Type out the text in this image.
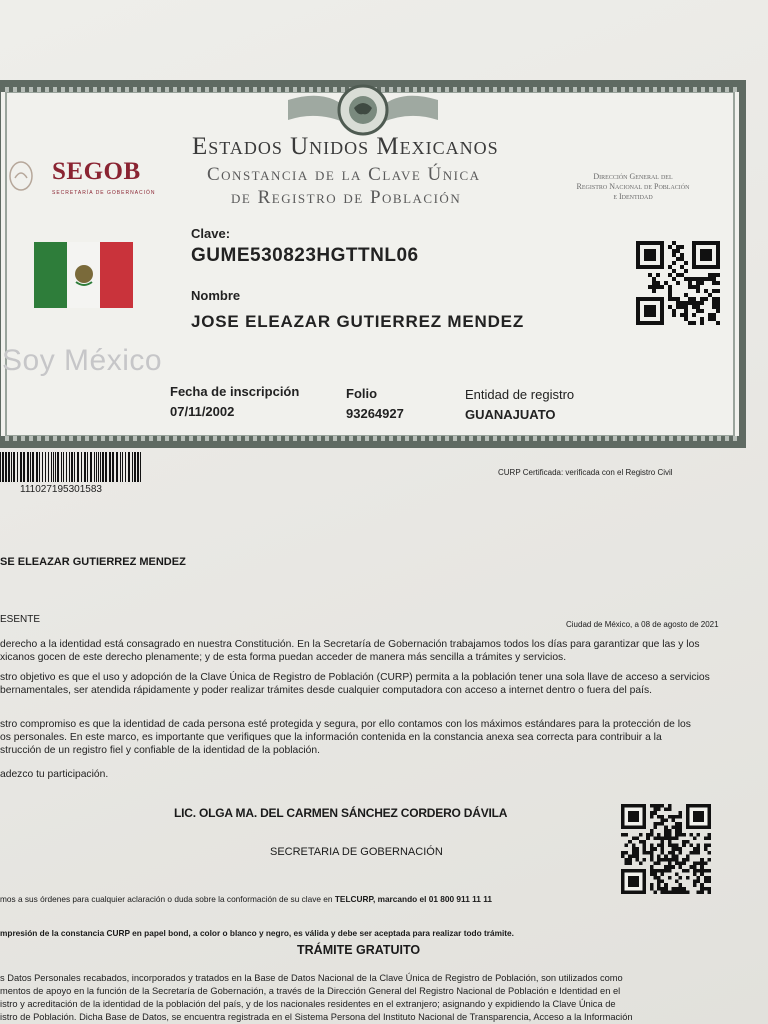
Estados Unidos Mexicanos
Constancia de la Clave Única
de Registro de Población
Dirección General del
Registro Nacional de Población
e Identidad
SEGOB
SECRETARÍA DE GOBERNACIÓN
Soy México
Clave:
GUME530823HGTTNL06
Nombre
JOSE ELEAZAR GUTIERREZ MENDEZ
Fecha de inscripción
07/11/2002
Folio
93264927
Entidad de registro
GUANAJUATO
111027195301583
CURP Certificada: verificada con el Registro Civil
SE ELEAZAR GUTIERREZ MENDEZ
ESENTE	Ciudad de México, a 08 de agosto de 2021
derecho a la identidad está consagrado en nuestra Constitución. En la Secretaría de Gobernación trabajamos todos los días para garantizar que las y los
xicanos gocen de este derecho plenamente; y de esta forma puedan acceder de manera más sencilla a trámites y servicios.
stro objetivo es que el uso y adopción de la Clave Única de Registro de Población (CURP) permita a la población tener una sola llave de acceso a servicios
bernamentales, ser atendida rápidamente y poder realizar trámites desde cualquier computadora con acceso a internet dentro o fuera del país.
stro compromiso es que la identidad de cada persona esté protegida y segura, por ello contamos con los máximos estándares para la protección de los
os personales. En este marco, es importante que verifiques que la información contenida en la constancia anexa sea correcta para contribuir a la
strucción de un registro fiel y confiable de la identidad de la población.
adezco tu participación.
LIC. OLGA MA. DEL CARMEN SÁNCHEZ CORDERO DÁVILA
SECRETARIA DE GOBERNACIÓN
mos a sus órdenes para cualquier aclaración o duda sobre la conformación de su clave en TELCURP, marcando el 01 800 911 11 11
mpresión de la constancia CURP en papel bond, a color o blanco y negro, es válida y debe ser aceptada para realizar todo trámite.
TRÁMITE GRATUITO
s Datos Personales recabados, incorporados y tratados en la Base de Datos Nacional de la Clave Única de Registro de Población, son utilizados como
mentos de apoyo en la función de la Secretaría de Gobernación, a través de la Dirección General del Registro Nacional de Población e Identidad en el
istro y acreditación de la identidad de la población del país, y de los nacionales residentes en el extranjero; asignando y expidiendo la Clave Única de
istro de Población. Dicha Base de Datos, se encuentra registrada en el Sistema Persona del Instituto Nacional de Transparencia, Acceso a la Información
